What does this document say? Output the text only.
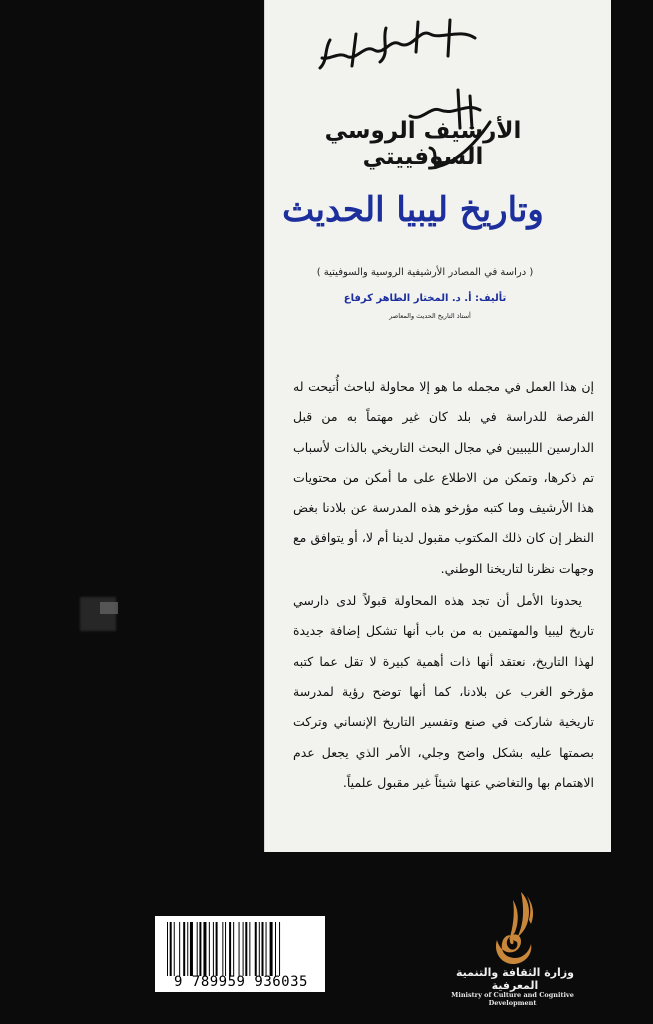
الأرشيف الروسي السوفييتي
وتاريخ ليبيا الحديث
( دراسة في المصادر الأرشيفية الروسية والسوفيتية )
تأليف: أ. د. المختار الطاهر كرفاع
أستاذ التاريخ الحديث والمعاصر

إن هذا العمل في مجمله ما هو إلا محاولة لباحث أُتيحت له الفرصة للدراسة في بلد كان غير مهتماً به من قبل الدارسين الليبيين في مجال البحث التاريخي بالذات لأسباب تم ذكرها، وتمكن من الاطلاع على ما أمكن من محتويات هذا الأرشيف وما كتبه مؤرخو هذه المدرسة عن بلادنا بغض النظر إن كان ذلك المكتوب مقبول لدينا أم لا، أو يتوافق مع وجهات نظرنا لتاريخنا الوطني.

يحدونا الأمل أن تجد هذه المحاولة قبولاً لدى دارسي تاريخ ليبيا والمهتمين به من باب أنها تشكل إضافة جديدة لهذا التاريخ، نعتقد أنها ذات أهمية كبيرة لا تقل عما كتبه مؤرخو الغرب عن بلادنا، كما أنها توضح رؤية لمدرسة تاريخية شاركت في صنع وتفسير التاريخ الإنساني وتركت بصمتها عليه بشكل واضح وجلي، الأمر الذي يجعل عدم الاهتمام بها والتغاضي عنها شيئاً غير مقبول علمياً.

9 789959 936035
وزارة الثقافة والتنمية المعرفية
Ministry of Culture and Cognitive Development
